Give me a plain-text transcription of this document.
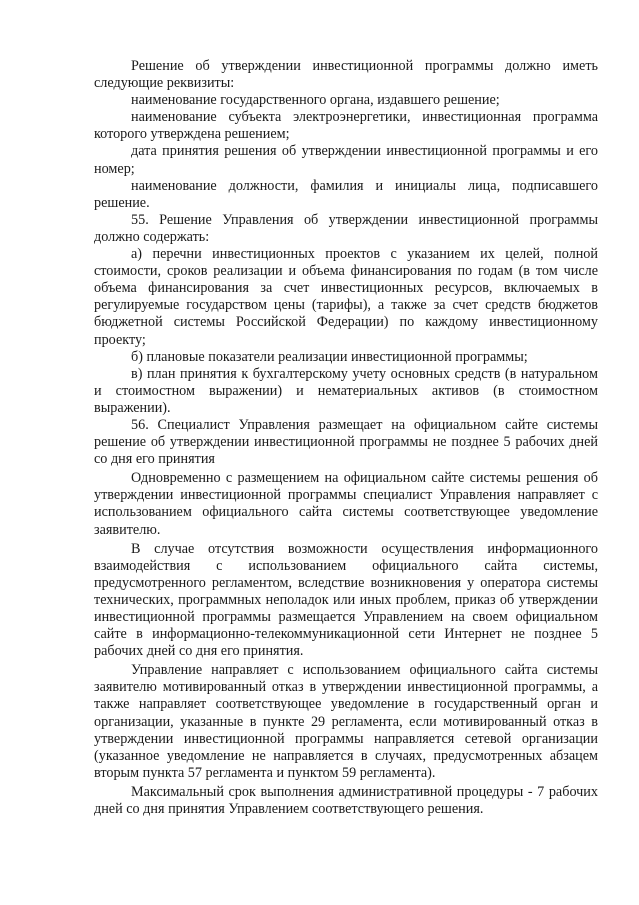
Решение об утверждении инвестиционной программы должно иметь следующие реквизиты:

наименование государственного органа, издавшего решение;

наименование субъекта электроэнергетики, инвестиционная программа которого утверждена решением;

дата принятия решения об утверждении инвестиционной программы и его номер;

наименование должности, фамилия и инициалы лица, подписавшего решение.

55. Решение Управления об утверждении инвестиционной программы должно содержать:

а) перечни инвестиционных проектов с указанием их целей, полной стоимости, сроков реализации и объема финансирования по годам (в том числе объема финансирования за счет инвестиционных ресурсов, включаемых в регулируемые государством цены (тарифы), а также за счет средств бюджетов бюджетной системы Российской Федерации) по каждому инвестиционному проекту;

б) плановые показатели реализации инвестиционной программы;

в) план принятия к бухгалтерскому учету основных средств (в натуральном и стоимостном выражении) и нематериальных активов (в стоимостном выражении).

56. Специалист Управления размещает на официальном сайте системы решение об утверждении инвестиционной программы не позднее 5 рабочих дней со дня его принятия

Одновременно с размещением на официальном сайте системы решения об утверждении инвестиционной программы специалист Управления направляет с использованием официального сайта системы соответствующее уведомление заявителю.

В случае отсутствия возможности осуществления информационного взаимодействия с использованием официального сайта системы, предусмотренного регламентом, вследствие возникновения у оператора системы технических, программных неполадок или иных проблем, приказ об утверждении инвестиционной программы размещается Управлением на своем официальном сайте в информационно-телекоммуникационной сети Интернет не позднее 5 рабочих дней со дня его принятия.

Управление направляет с использованием официального сайта системы заявителю мотивированный отказ в утверждении инвестиционной программы, а также направляет соответствующее уведомление в государственный орган и организации, указанные в пункте 29 регламента, если мотивированный отказ в утверждении инвестиционной программы направляется сетевой организации (указанное уведомление не направляется в случаях, предусмотренных абзацем вторым пункта 57 регламента и пунктом 59 регламента).

Максимальный срок выполнения административной процедуры - 7 рабочих дней со дня принятия Управлением соответствующего решения.
